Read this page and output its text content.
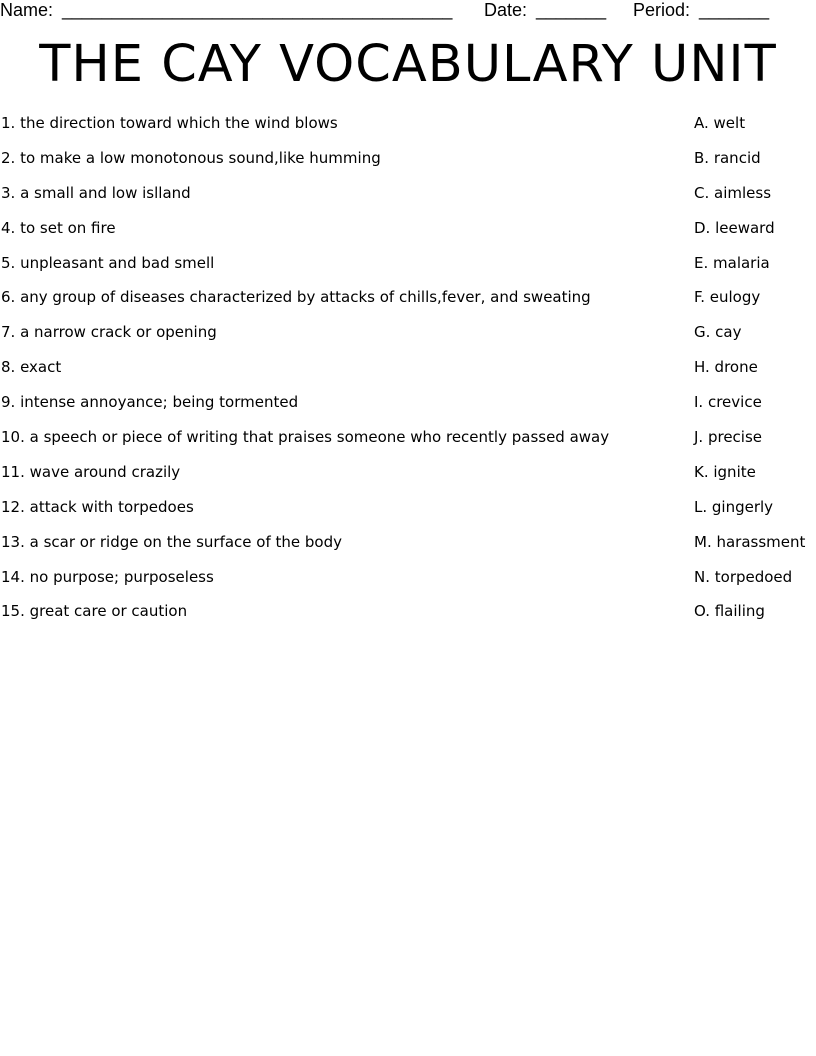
Name: _______________________________________ Date: _______ Period: _______
THE CAY VOCABULARY UNIT
1. the direction toward which the wind blows	A. welt
2. to make a low monotonous sound,like humming	B. rancid
3. a small and low islland	C. aimless
4. to set on fire	D. leeward
5. unpleasant and bad smell	E. malaria
6. any group of diseases characterized by attacks of chills,fever, and sweating	F. eulogy
7. a narrow crack or opening	G. cay
8. exact	H. drone
9. intense annoyance; being tormented	I. crevice
10. a speech or piece of writing that praises someone who recently passed away	J. precise
11. wave around crazily	K. ignite
12. attack with torpedoes	L. gingerly
13. a scar or ridge on the surface of the body	M. harassment
14. no purpose; purposeless	N. torpedoed
15. great care or caution	O. flailing
